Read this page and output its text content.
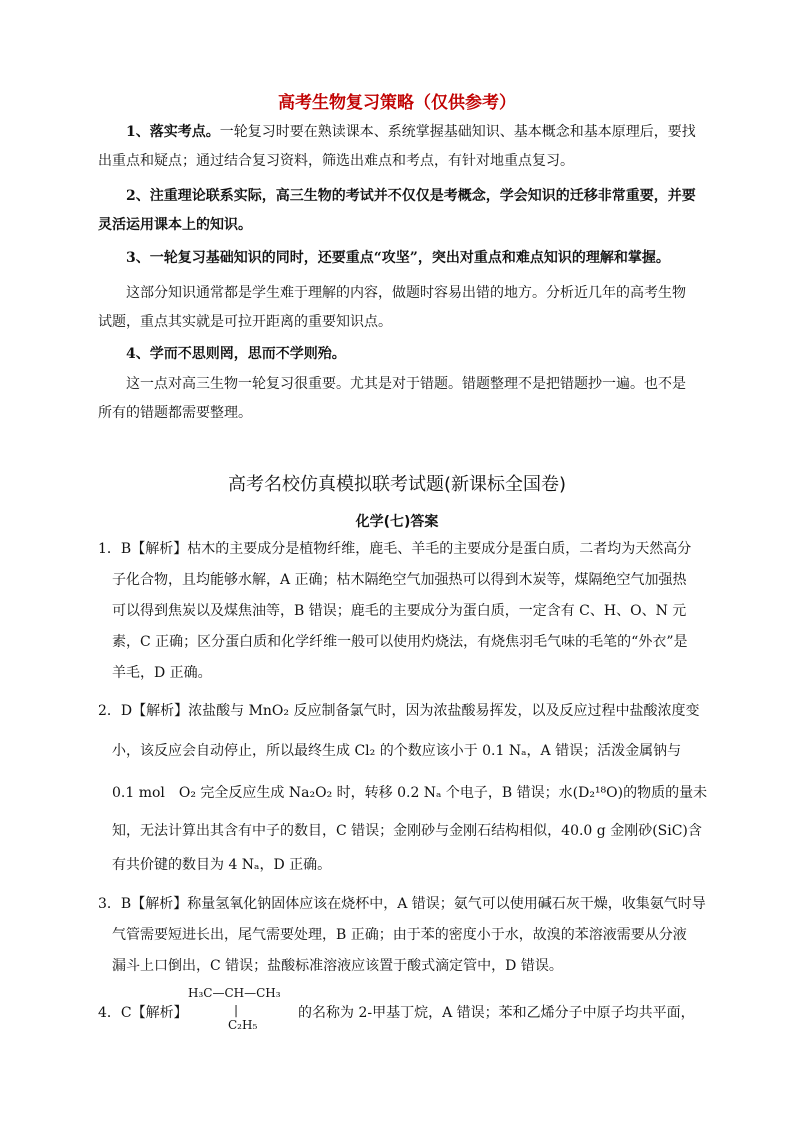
高考生物复习策略（仅供参考）

1、落实考点。一轮复习时要在熟读课本、系统掌握基础知识、基本概念和基本原理后，要找出重点和疑点；通过结合复习资料，筛选出难点和考点，有针对地重点复习。

2、注重理论联系实际，高三生物的考试并不仅仅是考概念，学会知识的迁移非常重要，并要灵活运用课本上的知识。

3、一轮复习基础知识的同时，还要重点“攻坚”，突出对重点和难点知识的理解和掌握。

这部分知识通常都是学生难于理解的内容，做题时容易出错的地方。分析近几年的高考生物试题，重点其实就是可拉开距离的重要知识点。

4、学而不思则罔，思而不学则殆。

这一点对高三生物一轮复习很重要。尤其是对于错题。错题整理不是把错题抄一遍。也不是所有的错题都需要整理。

高考名校仿真模拟联考试题(新课标全国卷)
化学(七)答案
1．B【解析】枯木的主要成分是植物纤维，鹿毛、羊毛的主要成分是蛋白质，二者均为天然高分
子化合物，且均能够水解，A 正确；枯木隔绝空气加强热可以得到木炭等，煤隔绝空气加强热
可以得到焦炭以及煤焦油等，B 错误；鹿毛的主要成分为蛋白质，一定含有 C、H、O、N 元
素，C 正确；区分蛋白质和化学纤维一般可以使用灼烧法，有烧焦羽毛气味的毛笔的“外衣”是
羊毛，D 正确。
2．D【解析】浓盐酸与 MnO₂ 反应制备氯气时，因为浓盐酸易挥发，以及反应过程中盐酸浓度变
小，该反应会自动停止，所以最终生成 Cl₂ 的个数应该小于 0.1 Nₐ，A 错误；活泼金属钠与
0.1 mol　O₂ 完全反应生成 Na₂O₂ 时，转移 0.2 Nₐ 个电子，B 错误；水(D₂¹⁸O)的物质的量未
知，无法计算出其含有中子的数目，C 错误；金刚砂与金刚石结构相似，40.0 g 金刚砂(SiC)含
有共价键的数目为 4 Nₐ，D 正确。
3．B【解析】称量氢氧化钠固体应该在烧杯中，A 错误；氨气可以使用碱石灰干燥，收集氨气时导
气管需要短进长出，尾气需要处理，B 正确；由于苯的密度小于水，故溴的苯溶液需要从分液
漏斗上口倒出，C 错误；盐酸标准溶液应该置于酸式滴定管中，D 错误。
4．C【解析】	的名称为 2-甲基丁烷，A 错误；苯和乙烯分子中原子均共平面，
H₃C—CH—CH₃
|
C₂H₅
